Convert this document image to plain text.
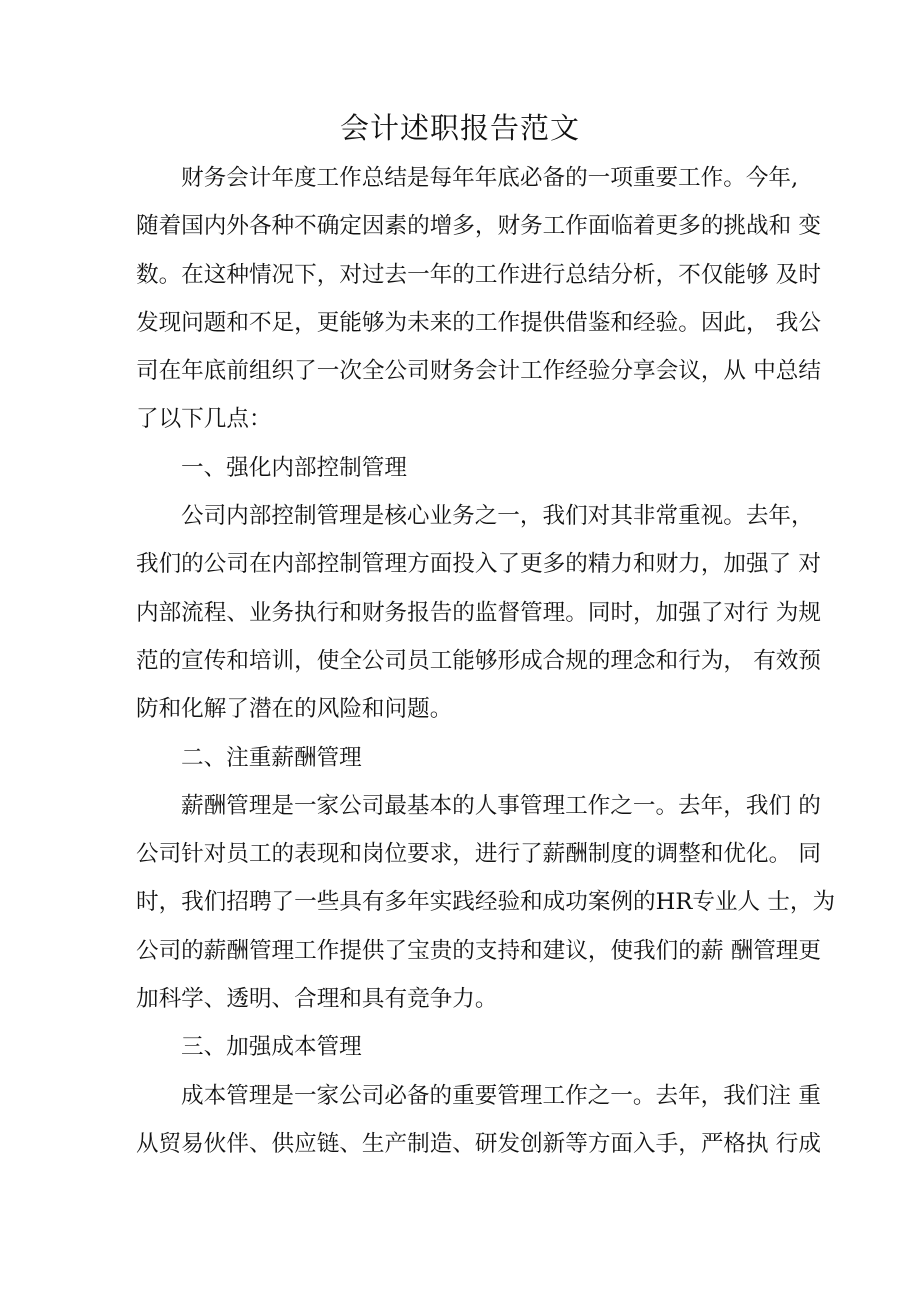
会计述职报告范文
财务会计年度工作总结是每年年底必备的一项重要工作。今年,
随着国内外各种不确定因素的增多，财务工作面临着更多的挑战和 变
数。在这种情况下，对过去一年的工作进行总结分析，不仅能够 及时
发现问题和不足，更能够为未来的工作提供借鉴和经验。因此， 我公
司在年底前组织了一次全公司财务会计工作经验分享会议，从 中总结
了以下几点：
一、强化内部控制管理
公司内部控制管理是核心业务之一，我们对其非常重视。去年，
我们的公司在内部控制管理方面投入了更多的精力和财力，加强了 对
内部流程、业务执行和财务报告的监督管理。同时，加强了对行 为规
范的宣传和培训，使全公司员工能够形成合规的理念和行为， 有效预
防和化解了潜在的风险和问题。
二、注重薪酬管理
薪酬管理是一家公司最基本的人事管理工作之一。去年，我们 的
公司针对员工的表现和岗位要求，进行了薪酬制度的调整和优化。 同
时，我们招聘了一些具有多年实践经验和成功案例的HR专业人 士，为
公司的薪酬管理工作提供了宝贵的支持和建议，使我们的薪 酬管理更
加科学、透明、合理和具有竞争力。
三、加强成本管理
成本管理是一家公司必备的重要管理工作之一。去年，我们注 重
从贸易伙伴、供应链、生产制造、研发创新等方面入手，严格执 行成
